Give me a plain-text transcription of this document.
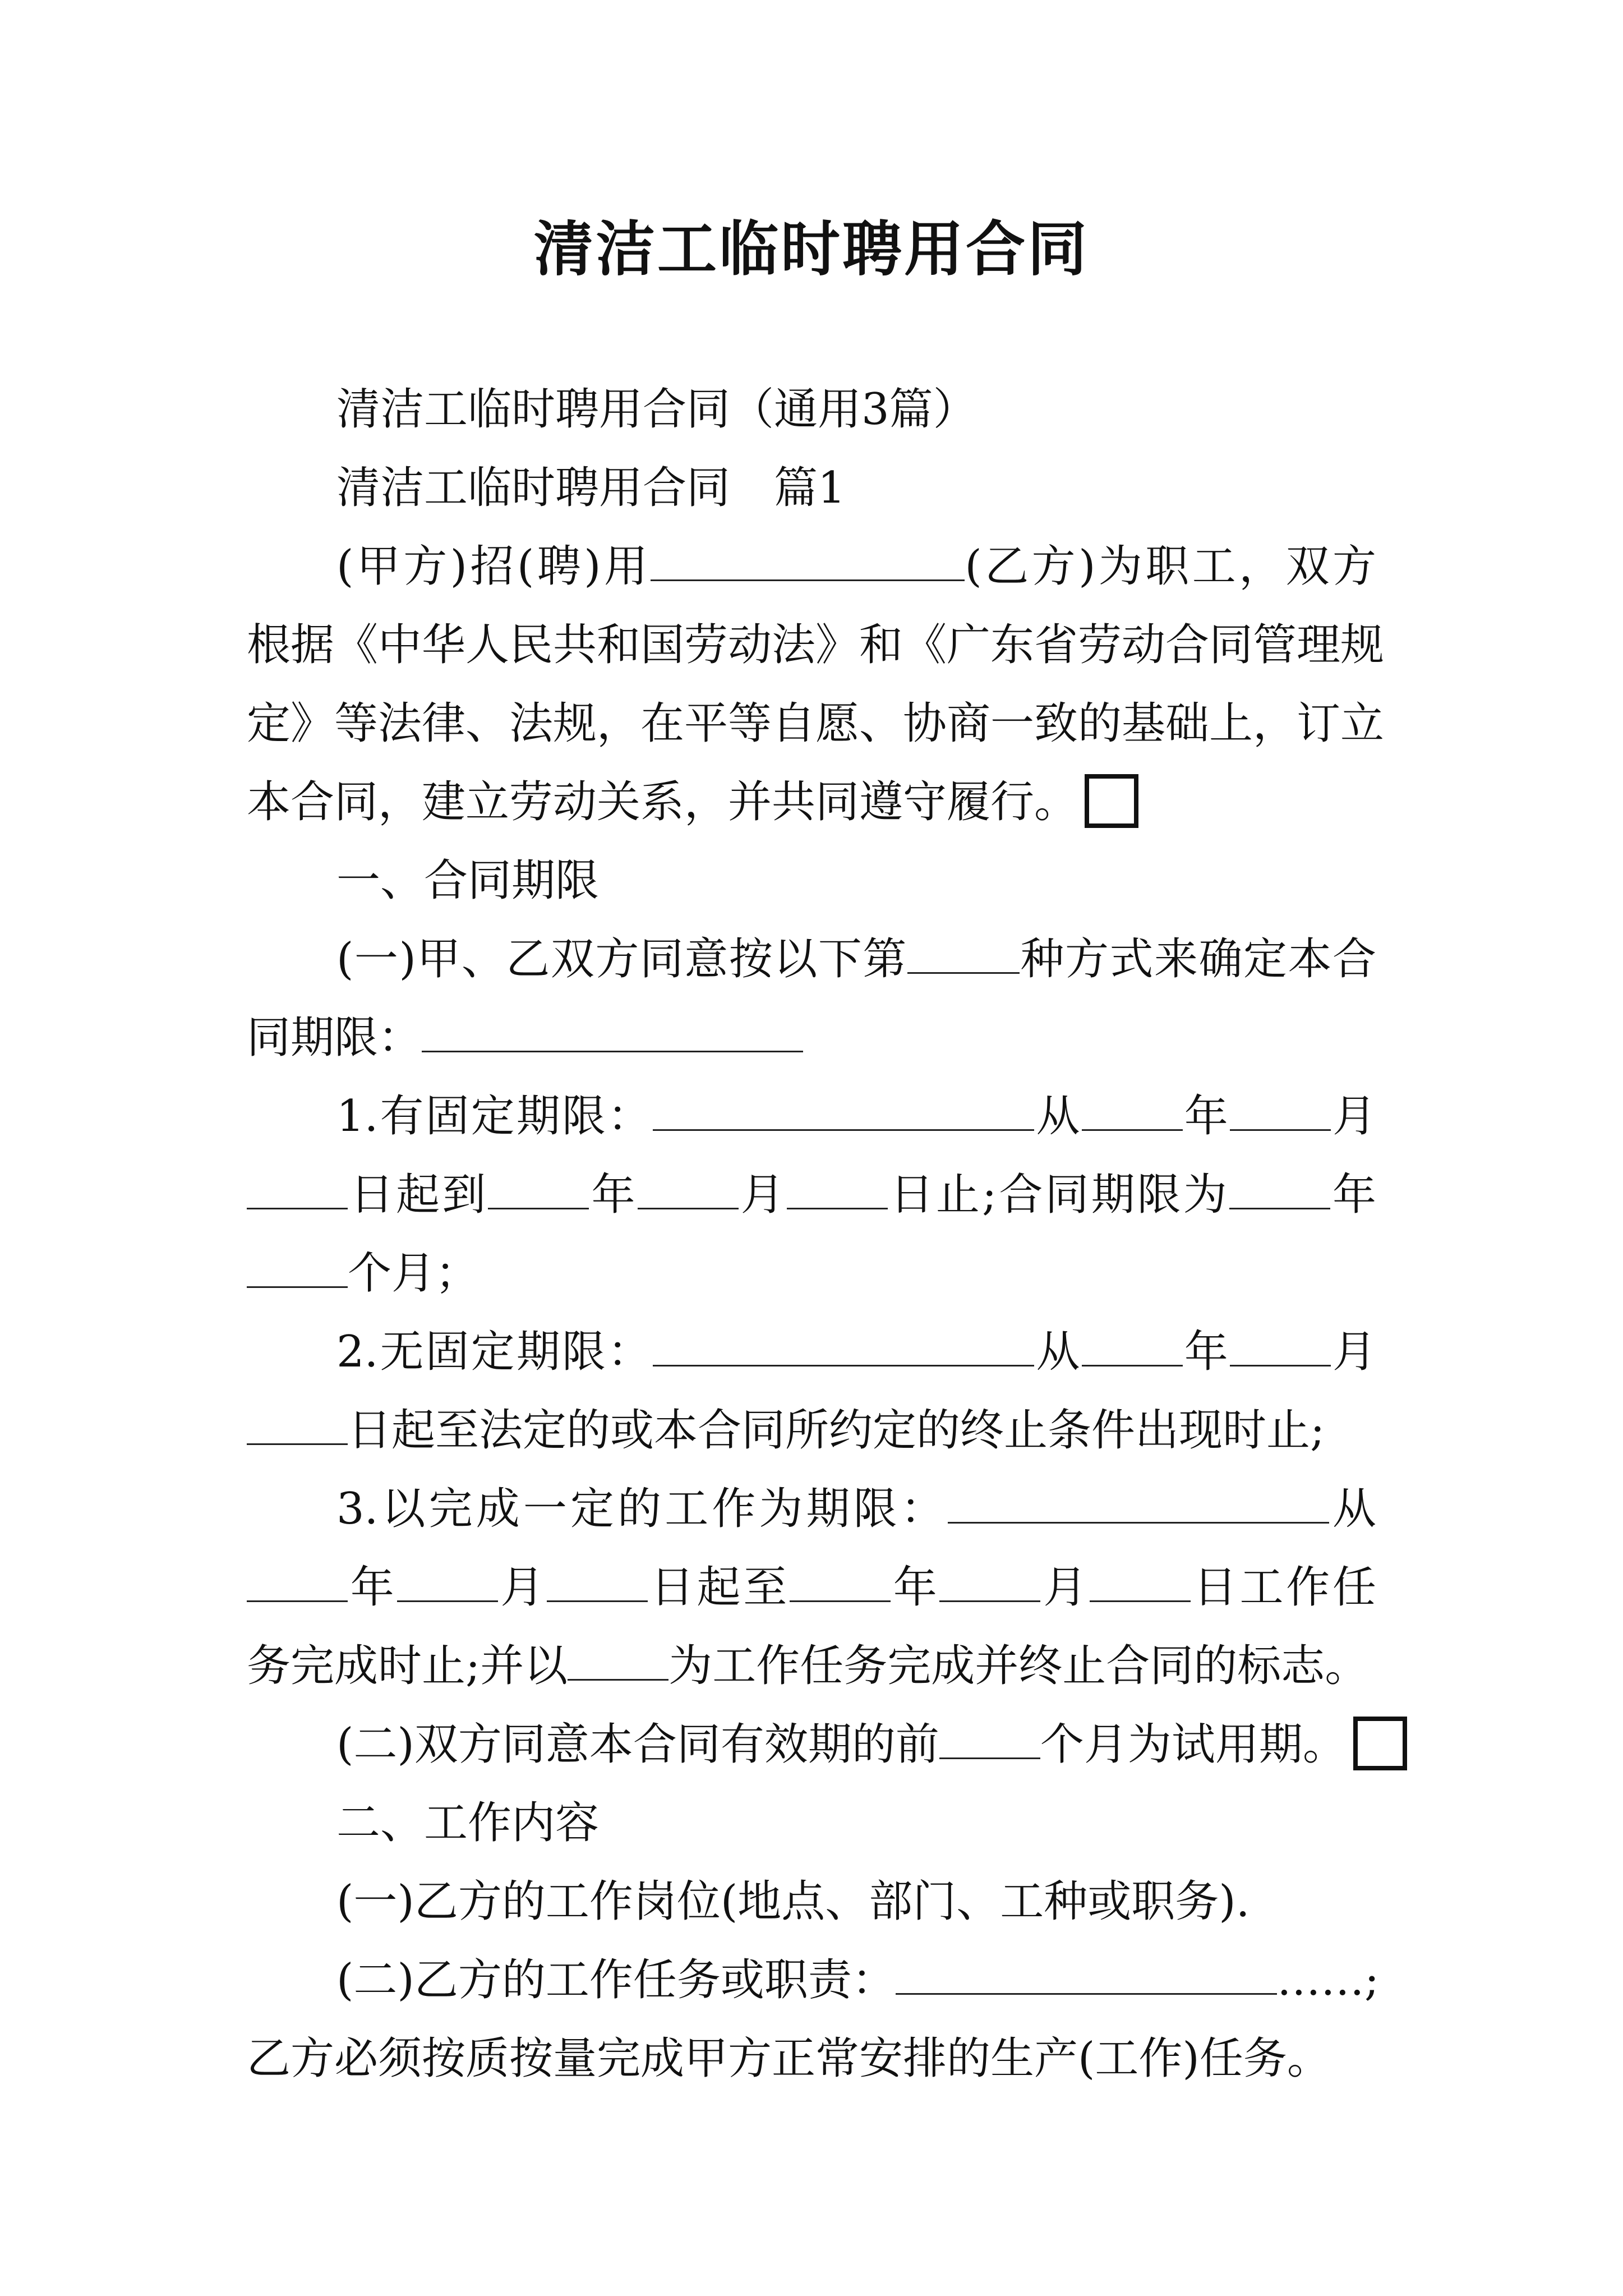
清洁工临时聘用合同
清洁工临时聘用合同（通用3篇）
清洁工临时聘用合同　篇1
(甲方)招(聘)用	(乙方)为职工，双方
根据《中华人民共和国劳动法》和《广东省劳动合同管理规
定》等法律、法规，在平等自愿、协商一致的基础上，订立
本合同，建立劳动关系，并共同遵守履行。
一、合同期限
(一)甲、乙双方同意按以下第	种方式来确定本合
同期限：
1.有固定期限：	从 年 月
日起到 年 月 日止;合同期限为 年
个月；
2.无固定期限：	从 年 月
日起至法定的或本合同所约定的终止条件出现时止;
3.以完成一定的工作为期限：	从
年 月 日起至 年 月 日工作任
务完成时止;并以 为工作任务完成并终止合同的标志。
(二)双方同意本合同有效期的前 个月为试用期。
二、工作内容
(一)乙方的工作岗位(地点、部门、工种或职务).
(二)乙方的工作任务或职责：	……;
乙方必须按质按量完成甲方正常安排的生产(工作)任务。
